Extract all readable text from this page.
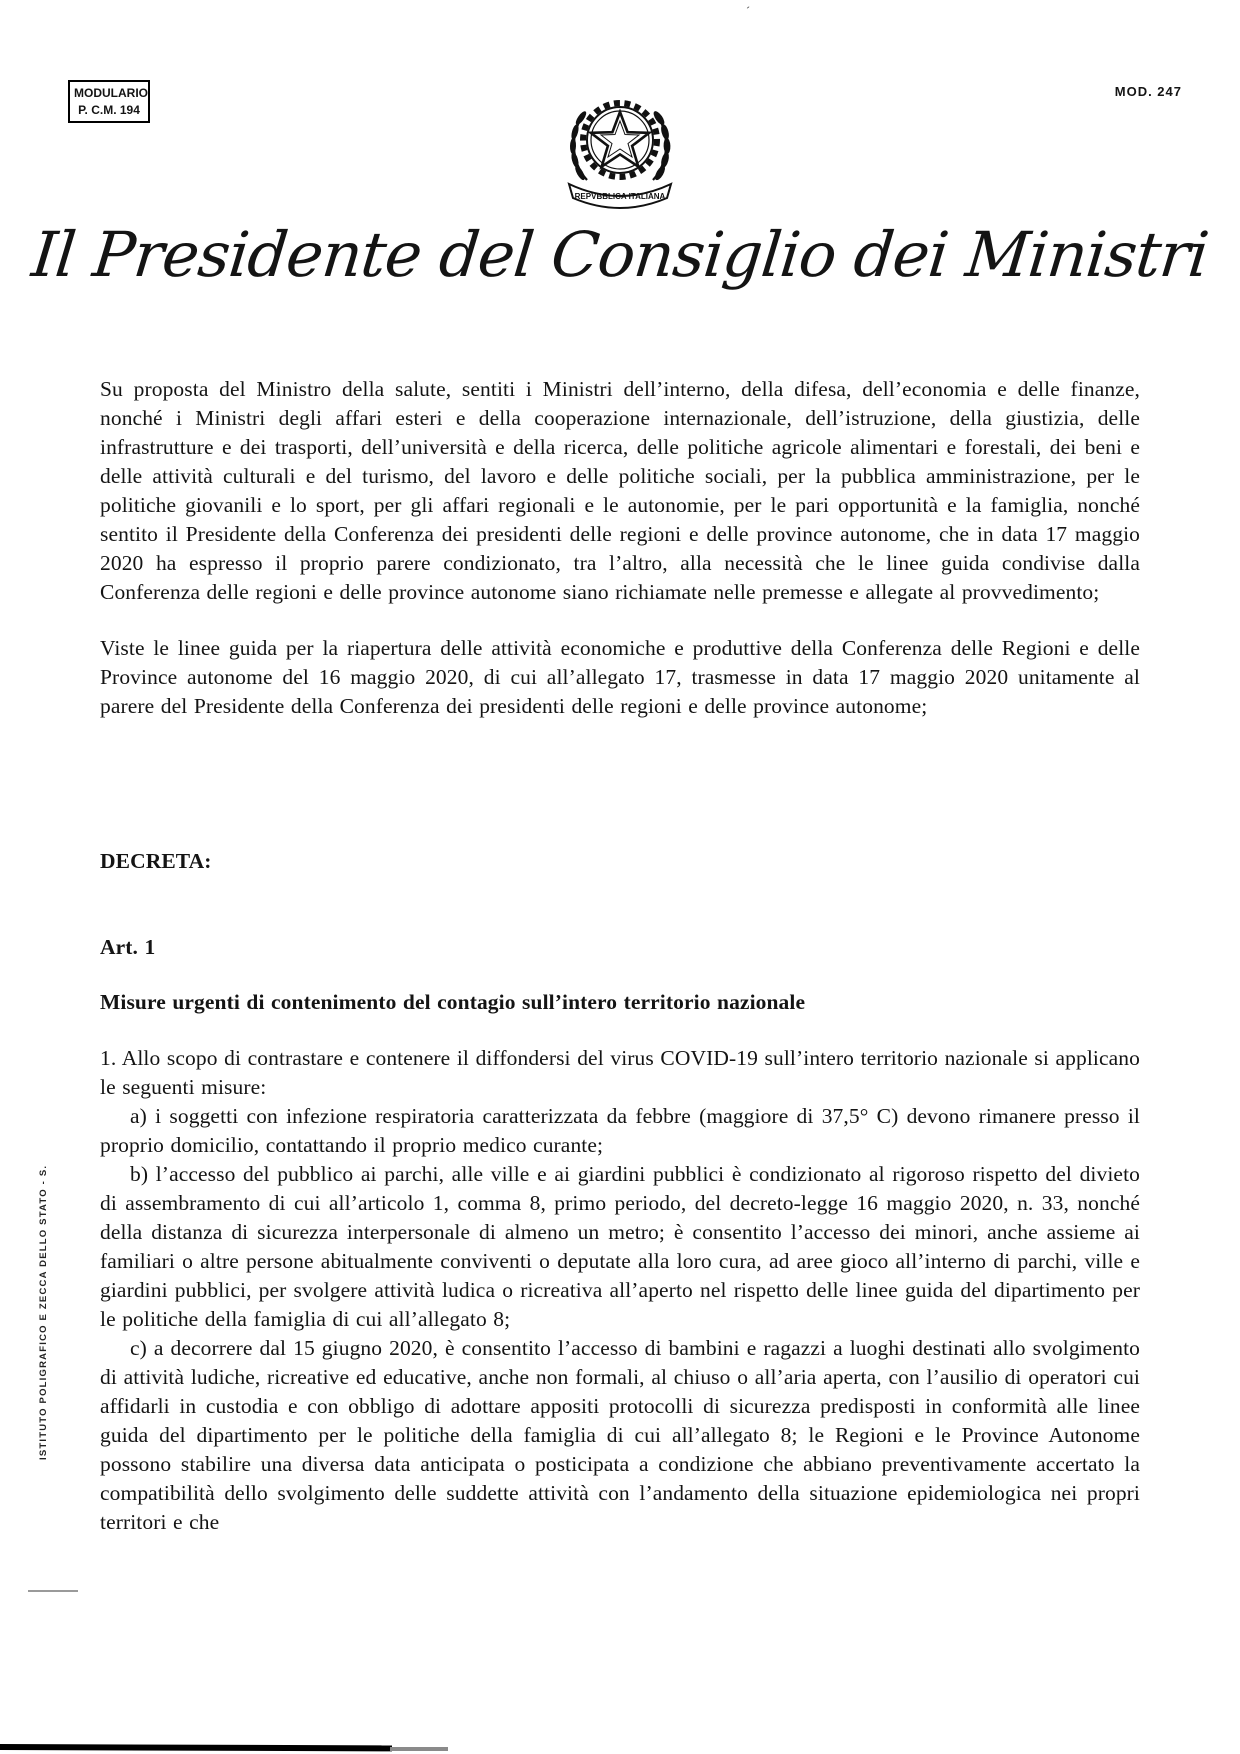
´
MODULARIO
P. C.M. 194
MOD. 247
REPVBBLICA ITALIANA
Il Presidente del Consiglio dei Ministri

Su proposta del Ministro della salute, sentiti i Ministri dell’interno, della difesa, dell’economia e delle finanze, nonché i Ministri degli affari esteri e della cooperazione internazionale, dell’istruzione, della giustizia, delle infrastrutture e dei trasporti, dell’università e della ricerca, delle politiche agricole alimentari e forestali, dei beni e delle attività culturali e del turismo, del lavoro e delle politiche sociali, per la pubblica amministrazione, per le politiche giovanili e lo sport, per gli affari regionali e le autonomie, per le pari opportunità e la famiglia, nonché sentito il Presidente della Conferenza dei presidenti delle regioni e delle province autonome, che in data 17 maggio 2020 ha espresso il proprio parere condizionato, tra l’altro, alla necessità che le linee guida condivise dalla Conferenza delle regioni e delle province autonome siano richiamate nelle premesse e allegate al provvedimento;

Viste le linee guida per la riapertura delle attività economiche e produttive della Conferenza delle Regioni e delle Province autonome del 16 maggio 2020, di cui all’allegato 17, trasmesse in data 17 maggio 2020 unitamente al parere del Presidente della Conferenza dei presidenti delle regioni e delle province autonome;

DECRETA:

Art. 1

Misure urgenti di contenimento del contagio sull’intero territorio nazionale

1. Allo scopo di contrastare e contenere il diffondersi del virus COVID-19 sull’intero territorio nazionale si applicano le seguenti misure:

a) i soggetti con infezione respiratoria caratterizzata da febbre (maggiore di 37,5° C) devono rimanere presso il proprio domicilio, contattando il proprio medico curante;

b) l’accesso del pubblico ai parchi, alle ville e ai giardini pubblici è condizionato al rigoroso rispetto del divieto di assembramento di cui all’articolo 1, comma 8, primo periodo, del decreto-legge 16 maggio 2020, n. 33, nonché della distanza di sicurezza interpersonale di almeno un metro; è consentito l’accesso dei minori, anche assieme ai familiari o altre persone abitualmente conviventi o deputate alla loro cura, ad aree gioco all’interno di parchi, ville e giardini pubblici, per svolgere attività ludica o ricreativa all’aperto nel rispetto delle linee guida del dipartimento per le politiche della famiglia di cui all’allegato 8;

c) a decorrere dal 15 giugno 2020, è consentito l’accesso di bambini e ragazzi a luoghi destinati allo svolgimento di attività ludiche, ricreative ed educative, anche non formali, al chiuso o all’aria aperta, con l’ausilio di operatori cui affidarli in custodia e con obbligo di adottare appositi protocolli di sicurezza predisposti in conformità alle linee guida del dipartimento per le politiche della famiglia di cui all’allegato 8; le Regioni e le Province Autonome possono stabilire una diversa data anticipata o posticipata a condizione che abbiano preventivamente accertato la compatibilità dello svolgimento delle suddette attività con l’andamento della situazione epidemiologica nei propri territori e che

ISTITUTO POLIGRAFICO E ZECCA DELLO STATO - S.
